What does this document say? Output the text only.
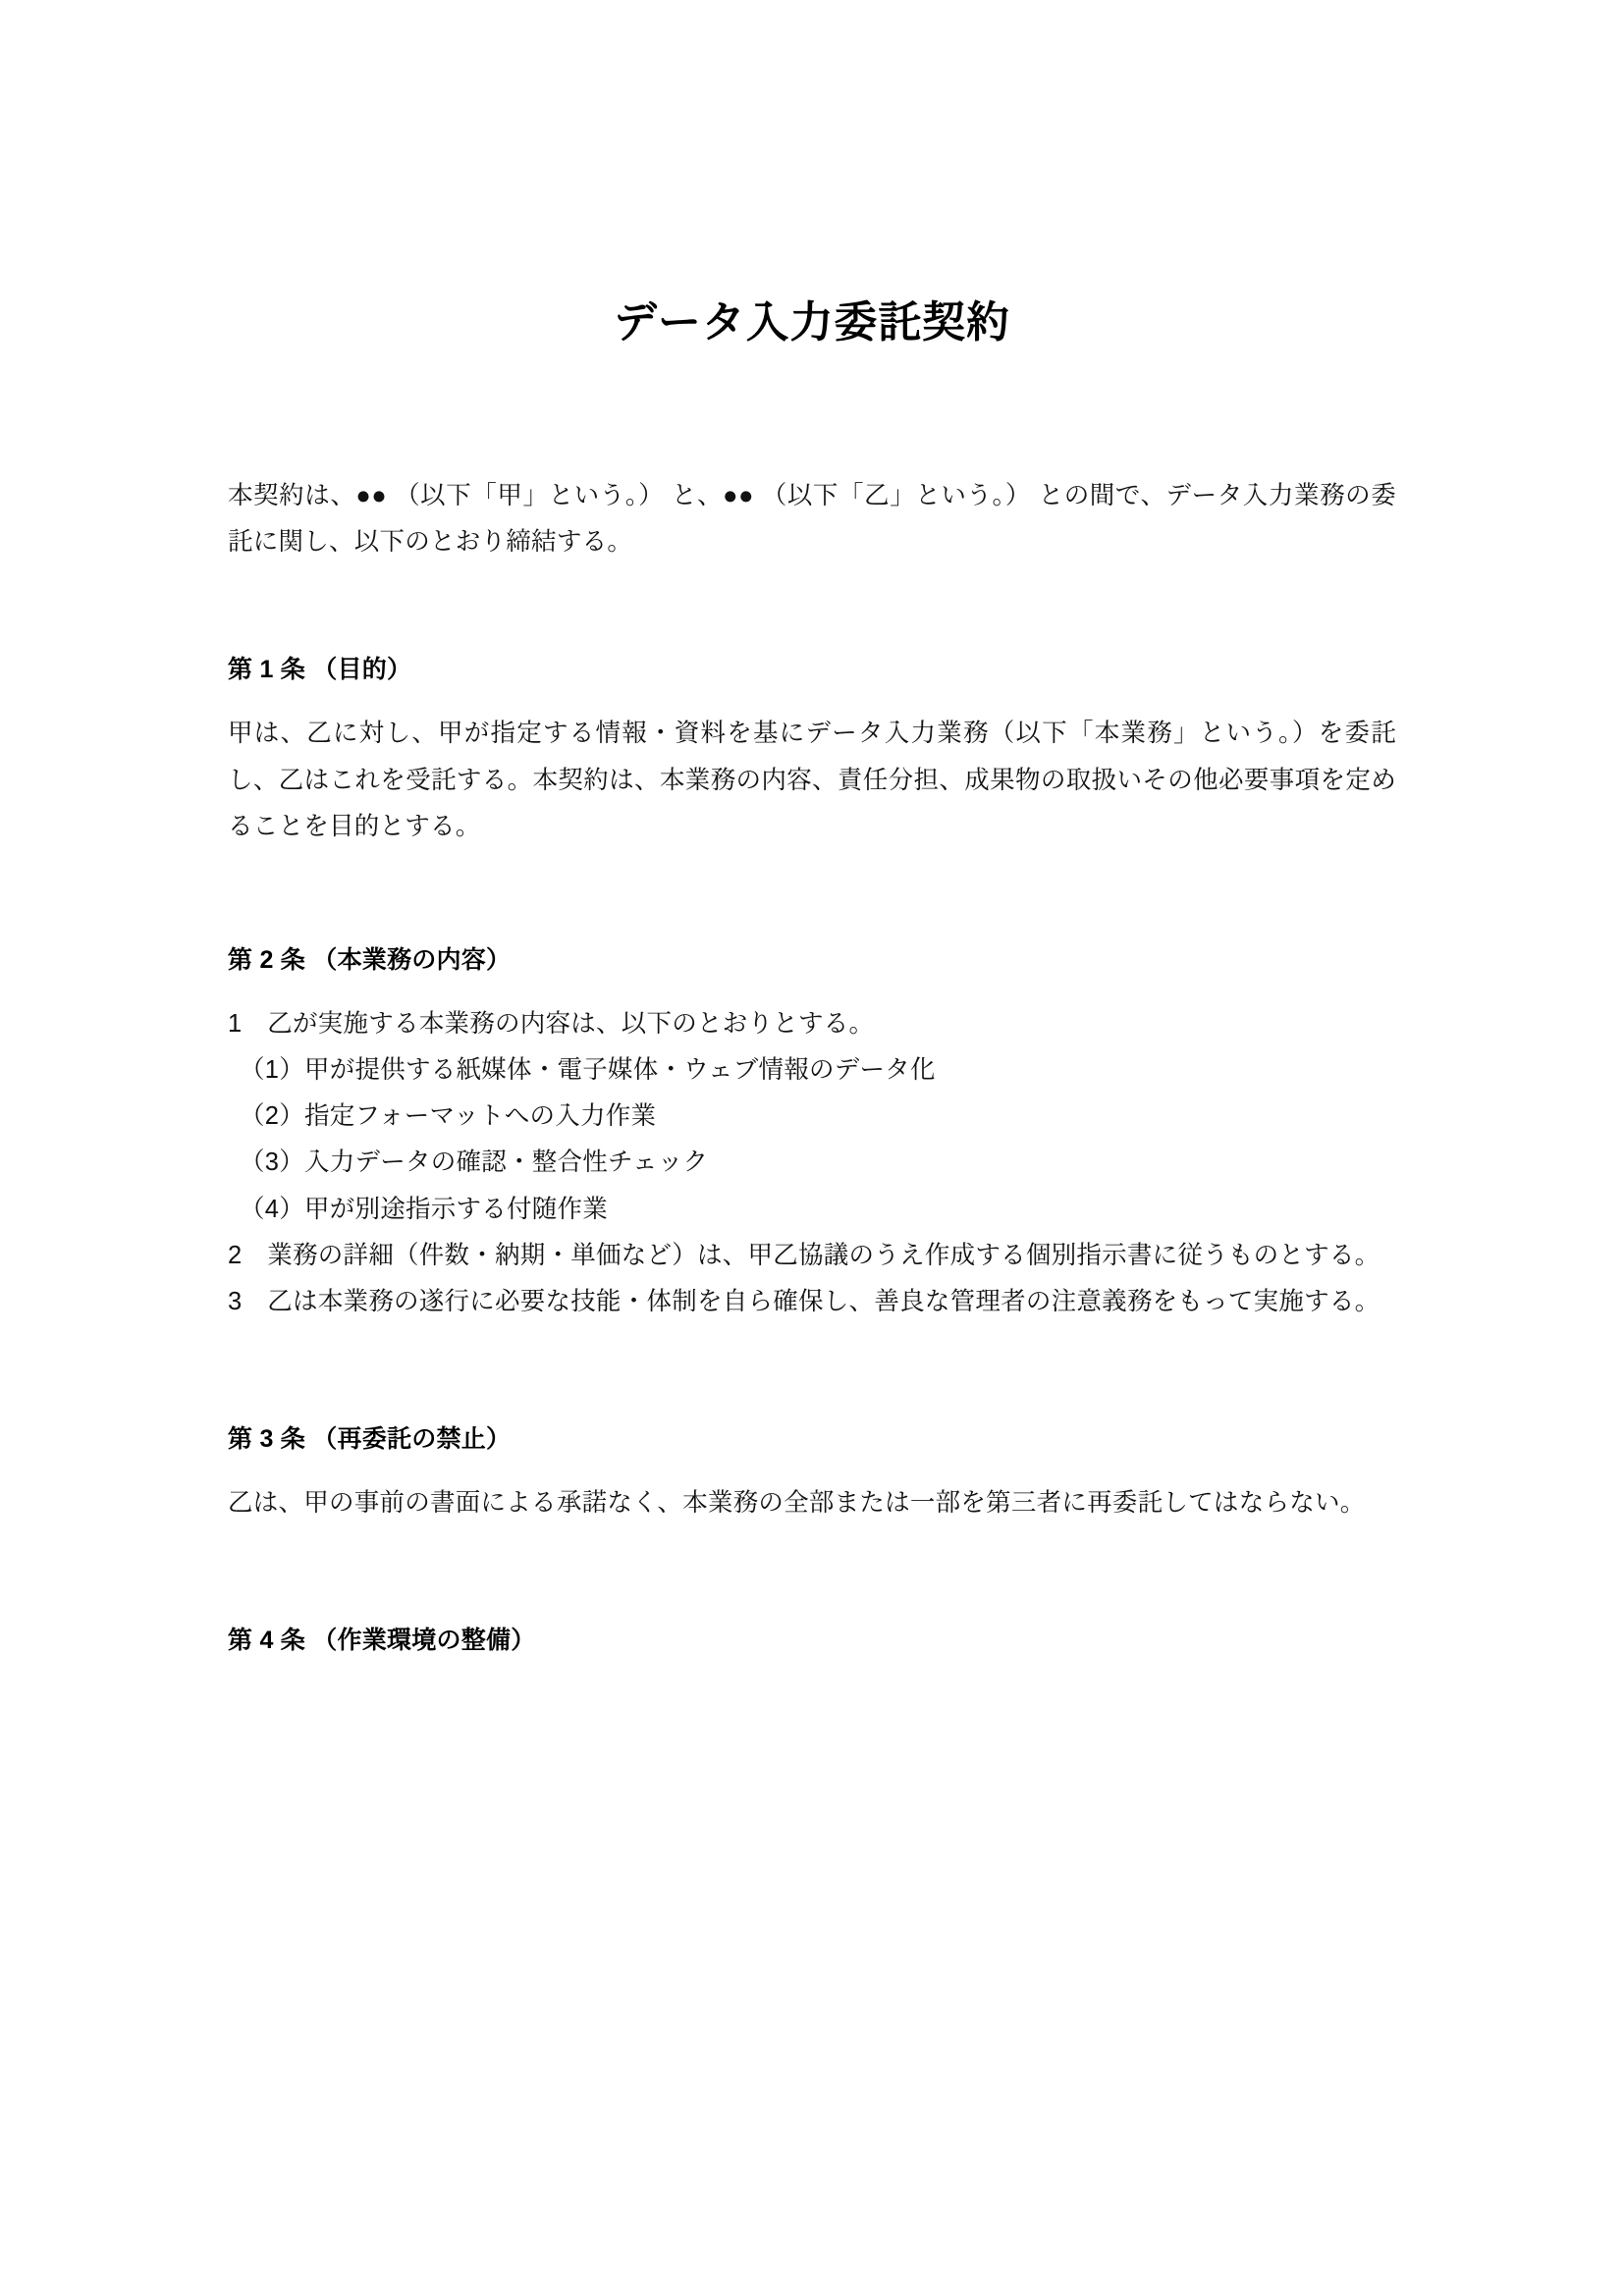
データ入力委託契約

本契約は、●● （以下「甲」という。） と、●● （以下「乙」という。） との間で、データ入力業務の委託に関し、以下のとおり締結する。

第 1 条 （目的）

甲は、乙に対し、甲が指定する情報・資料を基にデータ入力業務（以下「本業務」という。）を委託し、乙はこれを受託する。本契約は、本業務の内容、責任分担、成果物の取扱いその他必要事項を定めることを目的とする。

第 2 条 （本業務の内容）
1　乙が実施する本業務の内容は、以下のとおりとする。
（1）甲が提供する紙媒体・電子媒体・ウェブ情報のデータ化
（2）指定フォーマットへの入力作業
（3）入力データの確認・整合性チェック
（4）甲が別途指示する付随作業

2　業務の詳細（件数・納期・単価など）は、甲乙協議のうえ作成する個別指示書に従うものとする。

3　乙は本業務の遂行に必要な技能・体制を自ら確保し、善良な管理者の注意義務をもって実施する。

第 3 条 （再委託の禁止）

乙は、甲の事前の書面による承諾なく、本業務の全部または一部を第三者に再委託してはならない。

第 4 条 （作業環境の整備）
